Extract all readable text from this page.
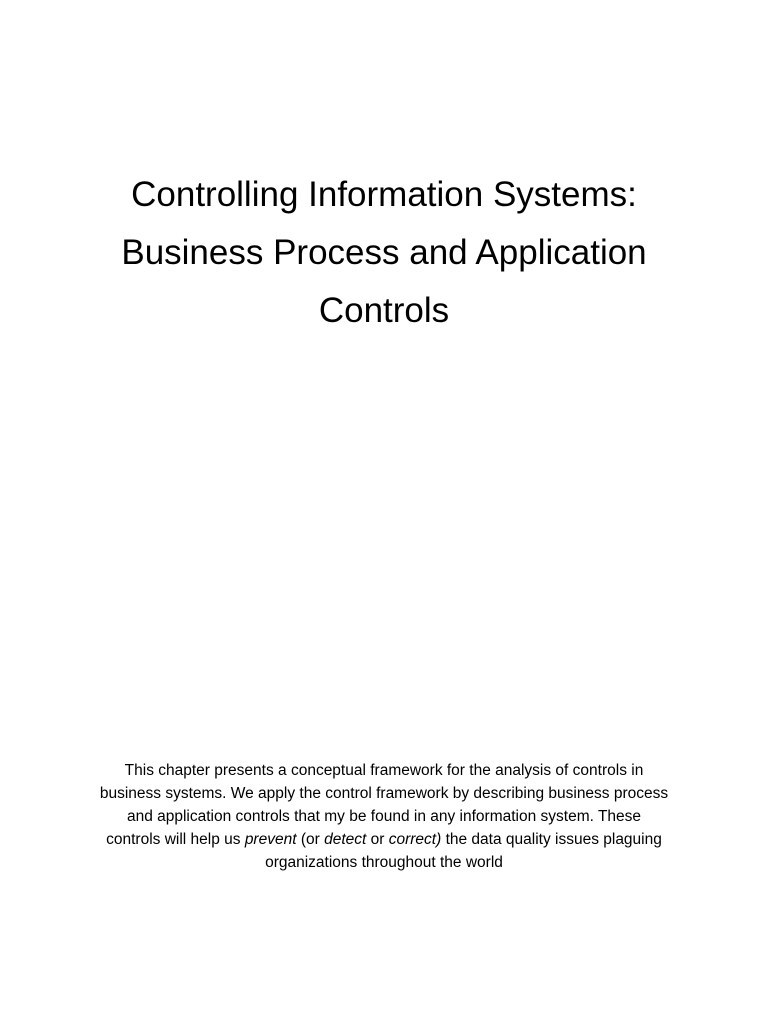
Controlling Information Systems:
Business Process and Application
Controls

This chapter presents a conceptual framework for the analysis of controls in
business systems. We apply the control framework by describing business process
and application controls that my be found in any information system. These
controls will help us prevent (or detect or correct) the data quality issues plaguing
organizations throughout the world
